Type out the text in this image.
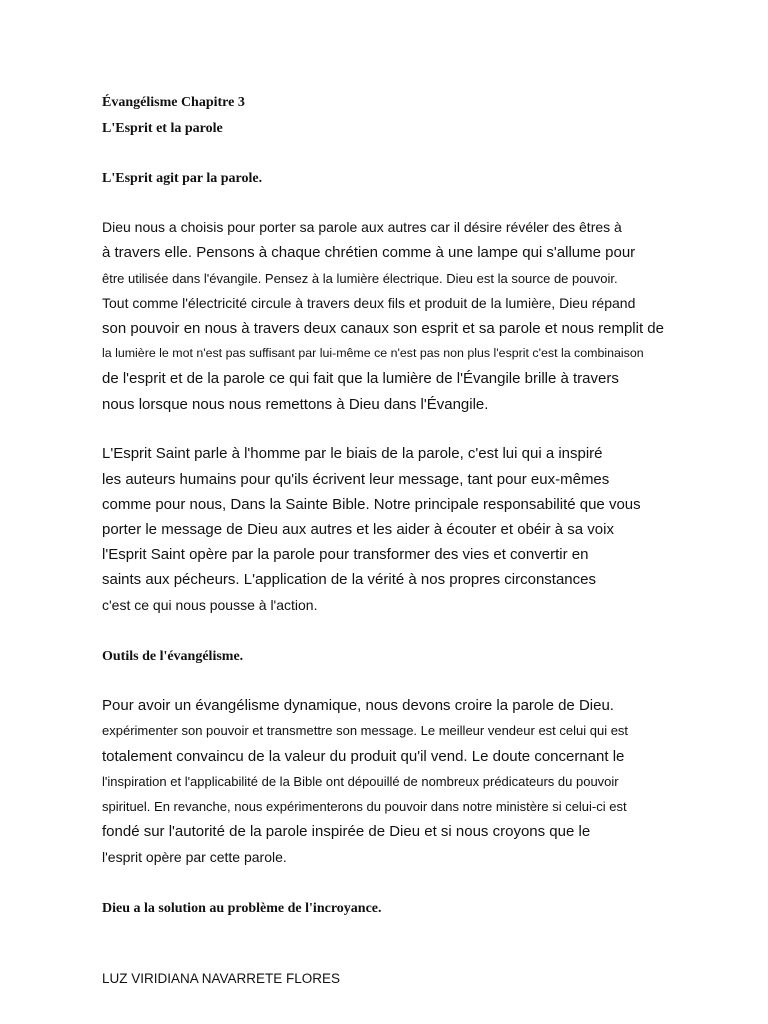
Évangélisme Chapitre 3
L'Esprit et la parole
L'Esprit agit par la parole.
Dieu nous a choisis pour porter sa parole aux autres car il désire révéler des êtres à
à travers elle. Pensons à chaque chrétien comme à une lampe qui s'allume pour
être utilisée dans l'évangile. Pensez à la lumière électrique. Dieu est la source de pouvoir.
Tout comme l'électricité circule à travers deux fils et produit de la lumière, Dieu répand
son pouvoir en nous à travers deux canaux son esprit et sa parole et nous remplit de
la lumière le mot n'est pas suffisant par lui-même ce n'est pas non plus l'esprit c'est la combinaison
de l'esprit et de la parole ce qui fait que la lumière de l'Évangile brille à travers
nous lorsque nous nous remettons à Dieu dans l'Évangile.
L'Esprit Saint parle à l'homme par le biais de la parole, c'est lui qui a inspiré
les auteurs humains pour qu'ils écrivent leur message, tant pour eux-mêmes
comme pour nous, Dans la Sainte Bible. Notre principale responsabilité que vous
porter le message de Dieu aux autres et les aider à écouter et obéir à sa voix
l'Esprit Saint opère par la parole pour transformer des vies et convertir en
saints aux pécheurs. L'application de la vérité à nos propres circonstances
c'est ce qui nous pousse à l'action.
Outils de l'évangélisme.
Pour avoir un évangélisme dynamique, nous devons croire la parole de Dieu.
expérimenter son pouvoir et transmettre son message. Le meilleur vendeur est celui qui est
totalement convaincu de la valeur du produit qu'il vend. Le doute concernant le
l'inspiration et l'applicabilité de la Bible ont dépouillé de nombreux prédicateurs du pouvoir
spirituel. En revanche, nous expérimenterons du pouvoir dans notre ministère si celui-ci est
fondé sur l'autorité de la parole inspirée de Dieu et si nous croyons que le
l'esprit opère par cette parole.
Dieu a la solution au problème de l'incroyance.
LUZ VIRIDIANA NAVARRETE FLORES
